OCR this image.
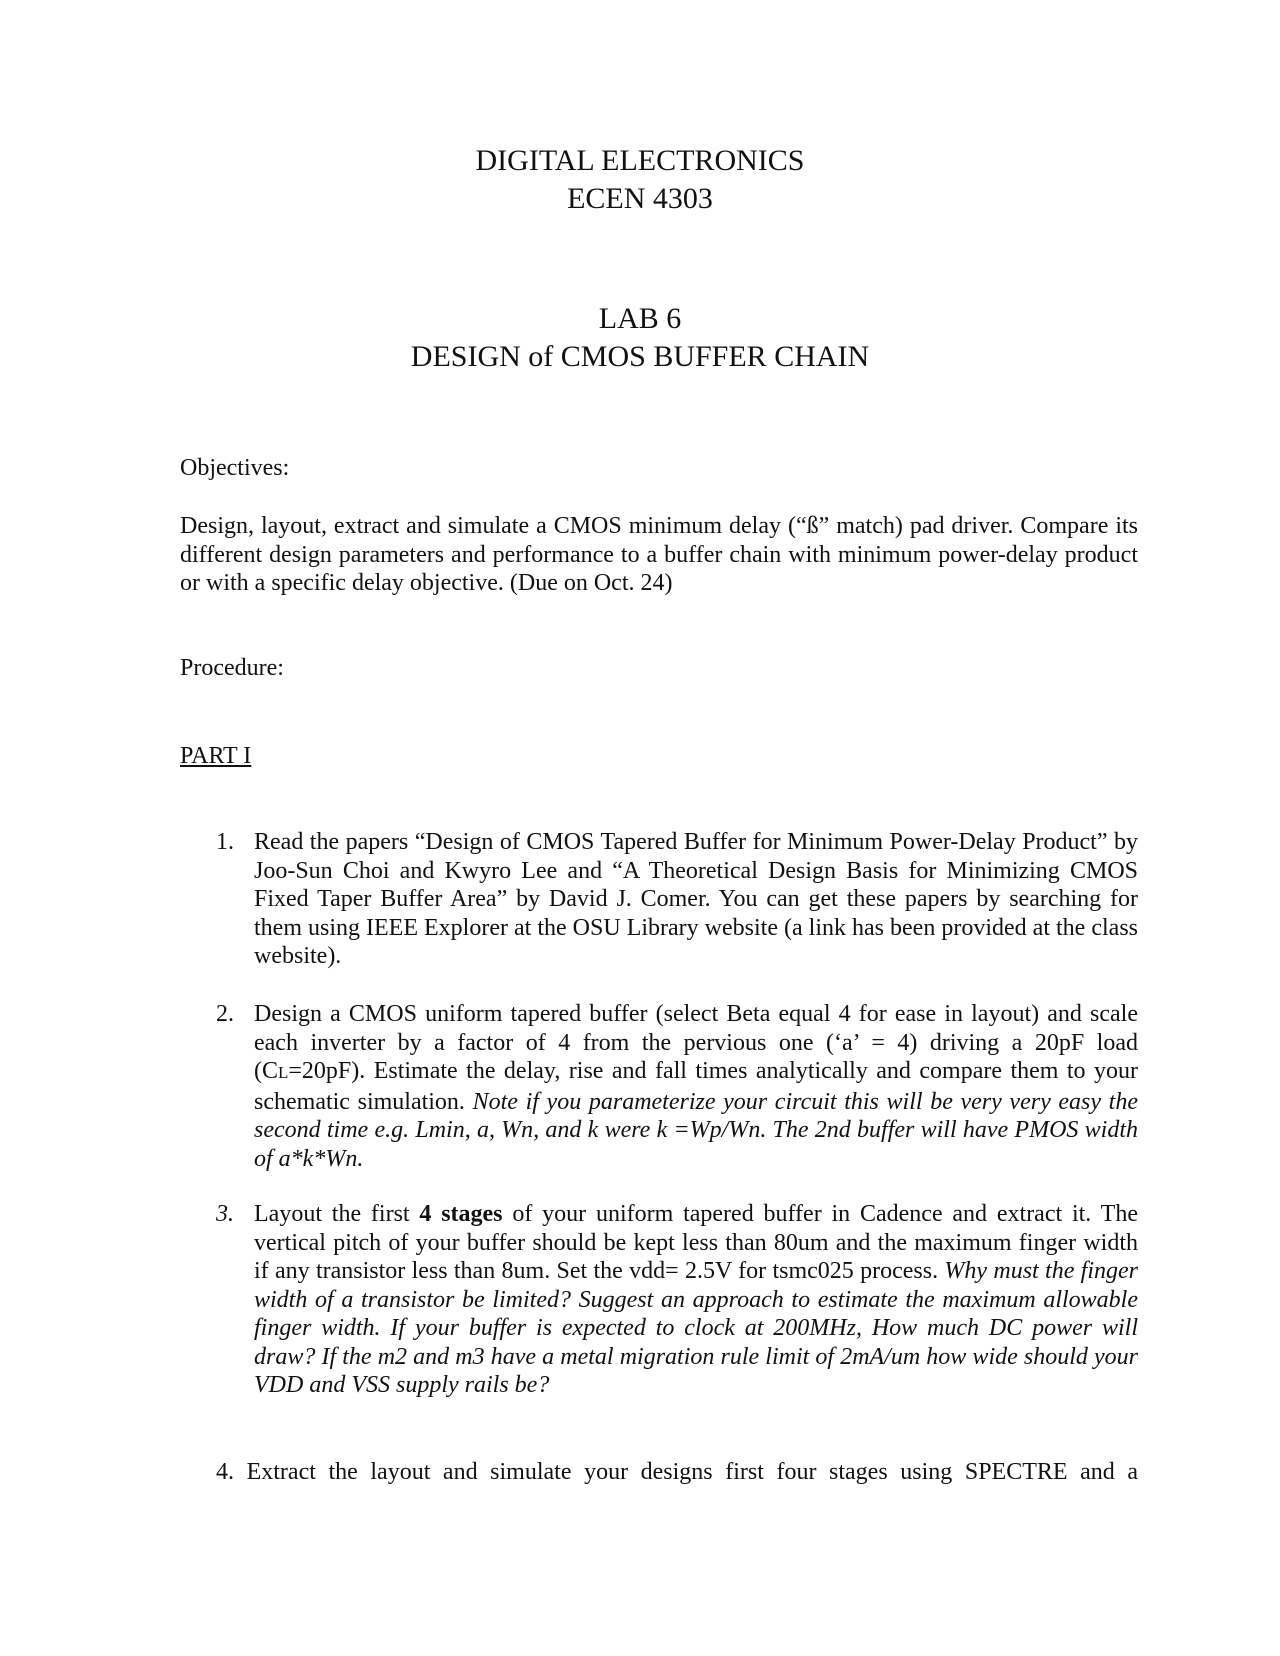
DIGITAL ELECTRONICS
ECEN 4303
LAB 6
DESIGN of CMOS BUFFER CHAIN
Objectives:
Design, layout, extract and simulate a CMOS minimum delay (“ß” match) pad driver. Compare its different design parameters and performance to a buffer chain with minimum power-delay product or with a specific delay objective. (Due on Oct. 24)
Procedure:
PART I
1. Read the papers “Design of CMOS Tapered Buffer for Minimum Power-Delay Product” by Joo-Sun Choi and Kwyro Lee and “A Theoretical Design Basis for Minimizing CMOS Fixed Taper Buffer Area” by David J. Comer. You can get these papers by searching for them using IEEE Explorer at the OSU Library website (a link has been provided at the class website).
2. Design a CMOS uniform tapered buffer (select Beta equal 4 for ease in layout) and scale each inverter by a factor of 4 from the pervious one (‘a’ = 4) driving a 20pF load (CL=20pF). Estimate the delay, rise and fall times analytically and compare them to your schematic simulation. Note if you parameterize your circuit this will be very very easy the second time e.g. Lmin, a, Wn, and k were k =Wp/Wn. The 2nd buffer will have PMOS width of a*k*Wn.
3. Layout the first 4 stages of your uniform tapered buffer in Cadence and extract it. The vertical pitch of your buffer should be kept less than 80um and the maximum finger width if any transistor less than 8um. Set the vdd= 2.5V for tsmc025 process. Why must the finger width of a transistor be limited? Suggest an approach to estimate the maximum allowable finger width. If your buffer is expected to clock at 200MHz, How much DC power will draw? If the m2 and m3 have a metal migration rule limit of 2mA/um how wide should your VDD and VSS supply rails be?
4. Extract the layout and simulate your designs first four stages using SPECTRE and a
